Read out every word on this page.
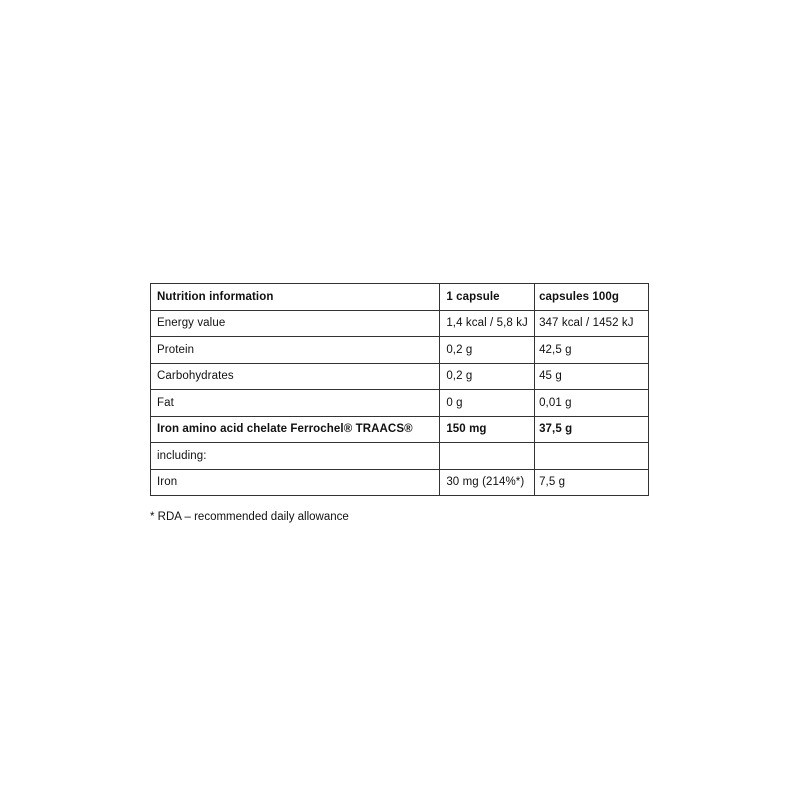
Nutrition information	1 capsule	capsules 100g
Energy value	1,4 kcal / 5,8 kJ	347 kcal / 1452 kJ
Protein	0,2 g	42,5 g
Carbohydrates	0,2 g	45 g
Fat	0 g	0,01 g
Iron amino acid chelate Ferrochel® TRAACS®	150 mg	37,5 g
including:		
Iron	30 mg (214%*)	7,5 g
* RDA – recommended daily allowance
